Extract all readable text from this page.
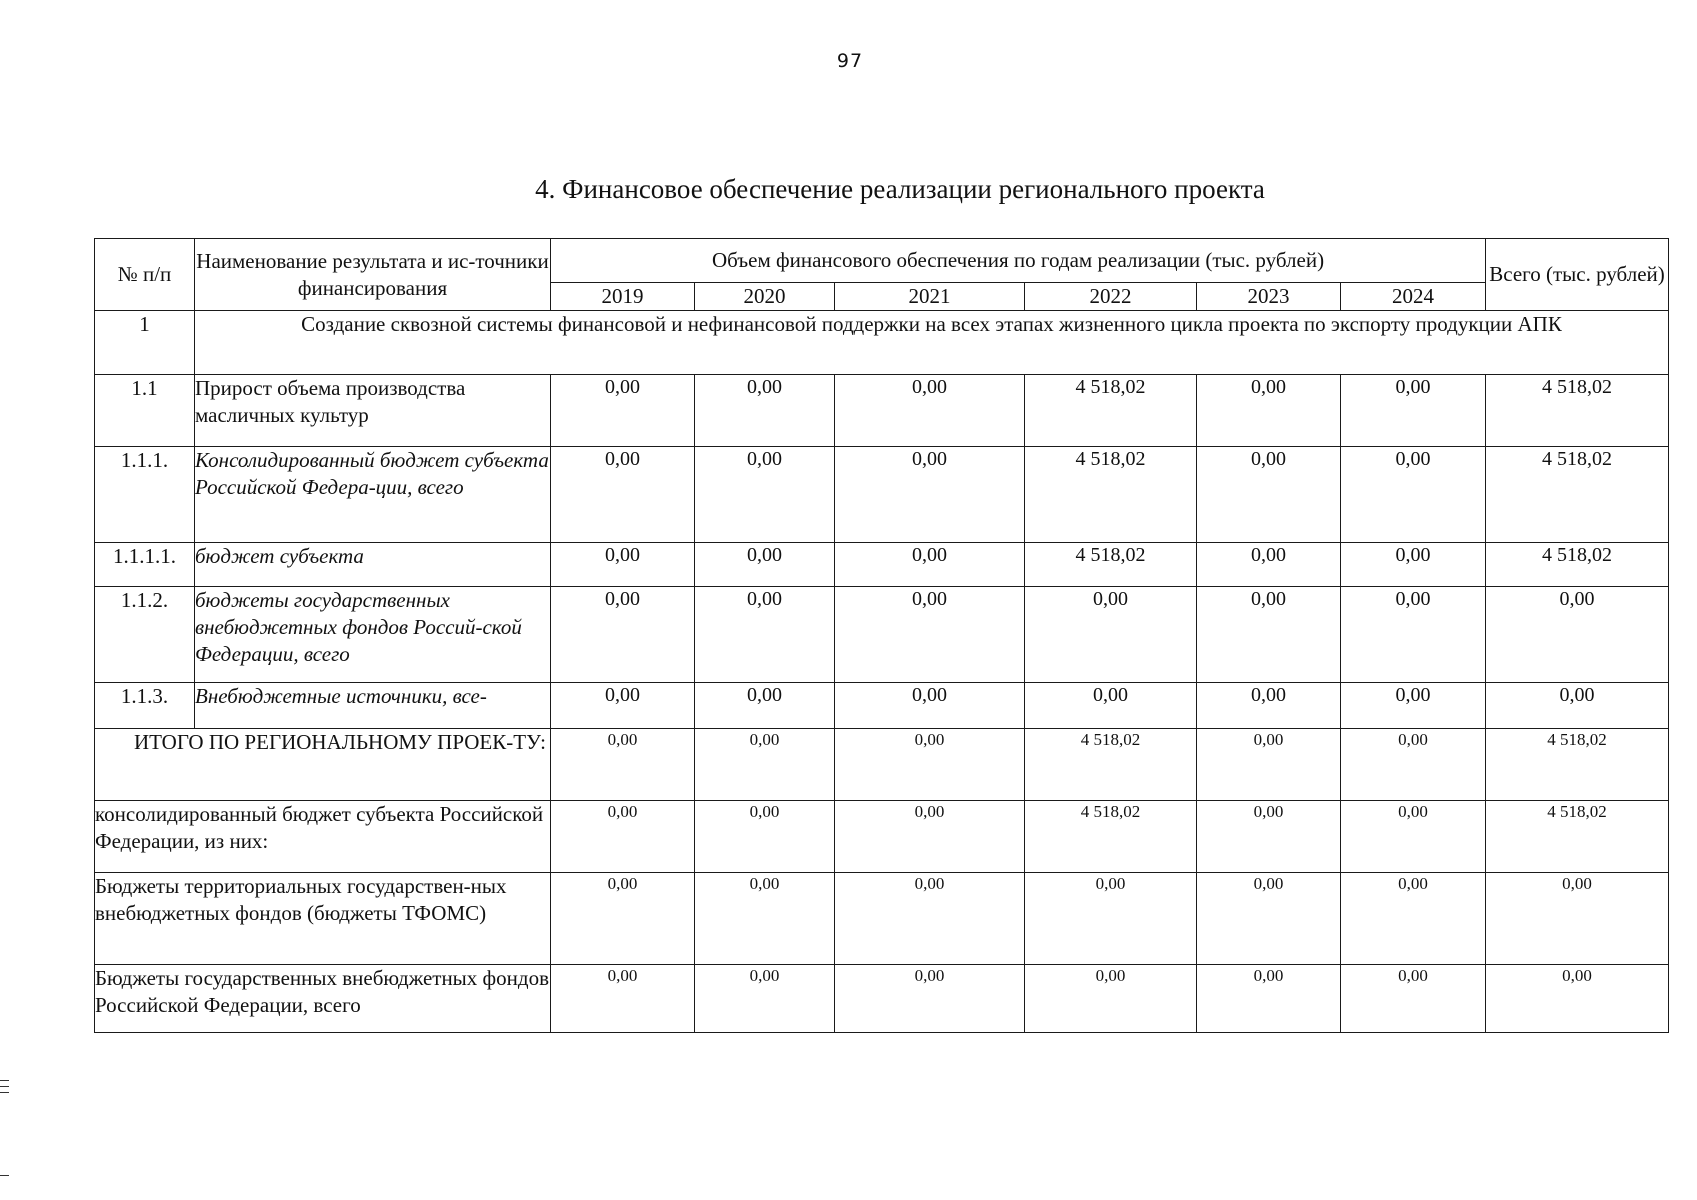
97
4. Финансовое обеспечение реализации регионального проекта
№ п/п	Наименование результата и ис-точники финансирования	Объем финансового обеспечения по годам реализации (тыс. рублей)						Всего (тыс. рублей)
		2019	2020	2021	2022	2023	2024	
1	Создание сквозной системы финансовой и нефинансовой поддержки на всех этапах жизненного цикла проекта по экспорту продукции АПК							
1.1	Прирост объема производства масличных культур	0,00	0,00	0,00	4 518,02	0,00	0,00	4 518,02
1.1.1.	Консолидированный бюджет субъекта Российской Федера-ции, всего	0,00	0,00	0,00	4 518,02	0,00	0,00	4 518,02
1.1.1.1.	бюджет субъекта	0,00	0,00	0,00	4 518,02	0,00	0,00	4 518,02
1.1.2.	бюджеты государственных внебюджетных фондов Россий-ской Федерации, всего	0,00	0,00	0,00	0,00	0,00	0,00	0,00
1.1.3.	Внебюджетные источники, все-	0,00	0,00	0,00	0,00	0,00	0,00	0,00
ИТОГО ПО РЕГИОНАЛЬНОМУ ПРОЕК-ТУ:		0,00	0,00	0,00	4 518,02	0,00	0,00	4 518,02
консолидированный бюджет субъекта Российской Федерации, из них:		0,00	0,00	0,00	4 518,02	0,00	0,00	4 518,02
Бюджеты территориальных государствен-ных внебюджетных фондов (бюджеты ТФОМС)		0,00	0,00	0,00	0,00	0,00	0,00	0,00
Бюджеты государственных внебюджетных фондов Российской Федерации, всего		0,00	0,00	0,00	0,00	0,00	0,00	0,00
